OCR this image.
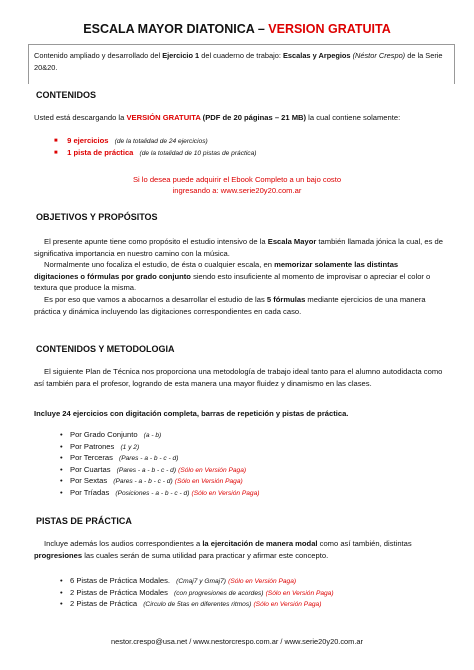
ESCALA MAYOR DIATONICA – VERSION GRATUITA
Contenido ampliado y desarrollado del Ejercicio 1 del cuaderno de trabajo: Escalas y Arpegios (Néstor Crespo) de la Serie 20&20.
CONTENIDOS
Usted está descargando la VERSIÓN GRATUITA (PDF de 20 páginas – 21 MB) la cual contiene solamente:
■ 9 ejercicios (de la totalidad de 24 ejercicios)
■ 1 pista de práctica (de la totalidad de 10 pistas de práctica)
Si lo desea puede adquirir el Ebook Completo a un bajo costo
ingresando a: www.serie20y20.com.ar
OBJETIVOS Y PROPÓSITOS

El presente apunte tiene como propósito el estudio intensivo de la Escala Mayor también llamada jónica la cual, es de significativa importancia en nuestro camino con la música.

Normalmente uno focaliza el estudio, de ésta o cualquier escala, en memorizar solamente las distintas digitaciones o fórmulas por grado conjunto siendo esto insuficiente al momento de improvisar o apreciar el color o textura que produce la misma.

Es por eso que vamos a abocarnos a desarrollar el estudio de las 5 fórmulas mediante ejercicios de una manera práctica y dinámica incluyendo las digitaciones correspondientes en cada caso.

CONTENIDOS Y METODOLOGIA

El siguiente Plan de Técnica nos proporciona una metodología de trabajo ideal tanto para el alumno autodidacta como así también para el profesor, logrando de esta manera una mayor fluidez y dinamismo en las clases.

Incluye 24 ejercicios con digitación completa, barras de repetición y pistas de práctica.
• Por Grado Conjunto (a - b)
• Por Patrones (1 y 2)
• Por Terceras (Pares - a - b - c - d)
• Por Cuartas (Pares - a - b - c - d) (Sólo en Versión Paga)
• Por Sextas (Pares - a - b - c - d) (Sólo en Versión Paga)
• Por Tríadas (Posiciones - a - b - c - d) (Sólo en Versión Paga)
PISTAS DE PRÁCTICA

Incluye además los audios correspondientes a la ejercitación de manera modal como así también, distintas progresiones las cuales serán de suma utilidad para practicar y afirmar este concepto.

• 6 Pistas de Práctica Modales. (Cmaj7 y Gmaj7) (Sólo en Versión Paga)
• 2 Pistas de Práctica Modales (con progresiones de acordes) (Sólo en Versión Paga)
• 2 Pistas de Práctica (Circulo de 5tas en diferentes ritmos) (Sólo en Versión Paga)
nestor.crespo@usa.net / www.nestorcrespo.com.ar / www.serie20y20.com.ar
